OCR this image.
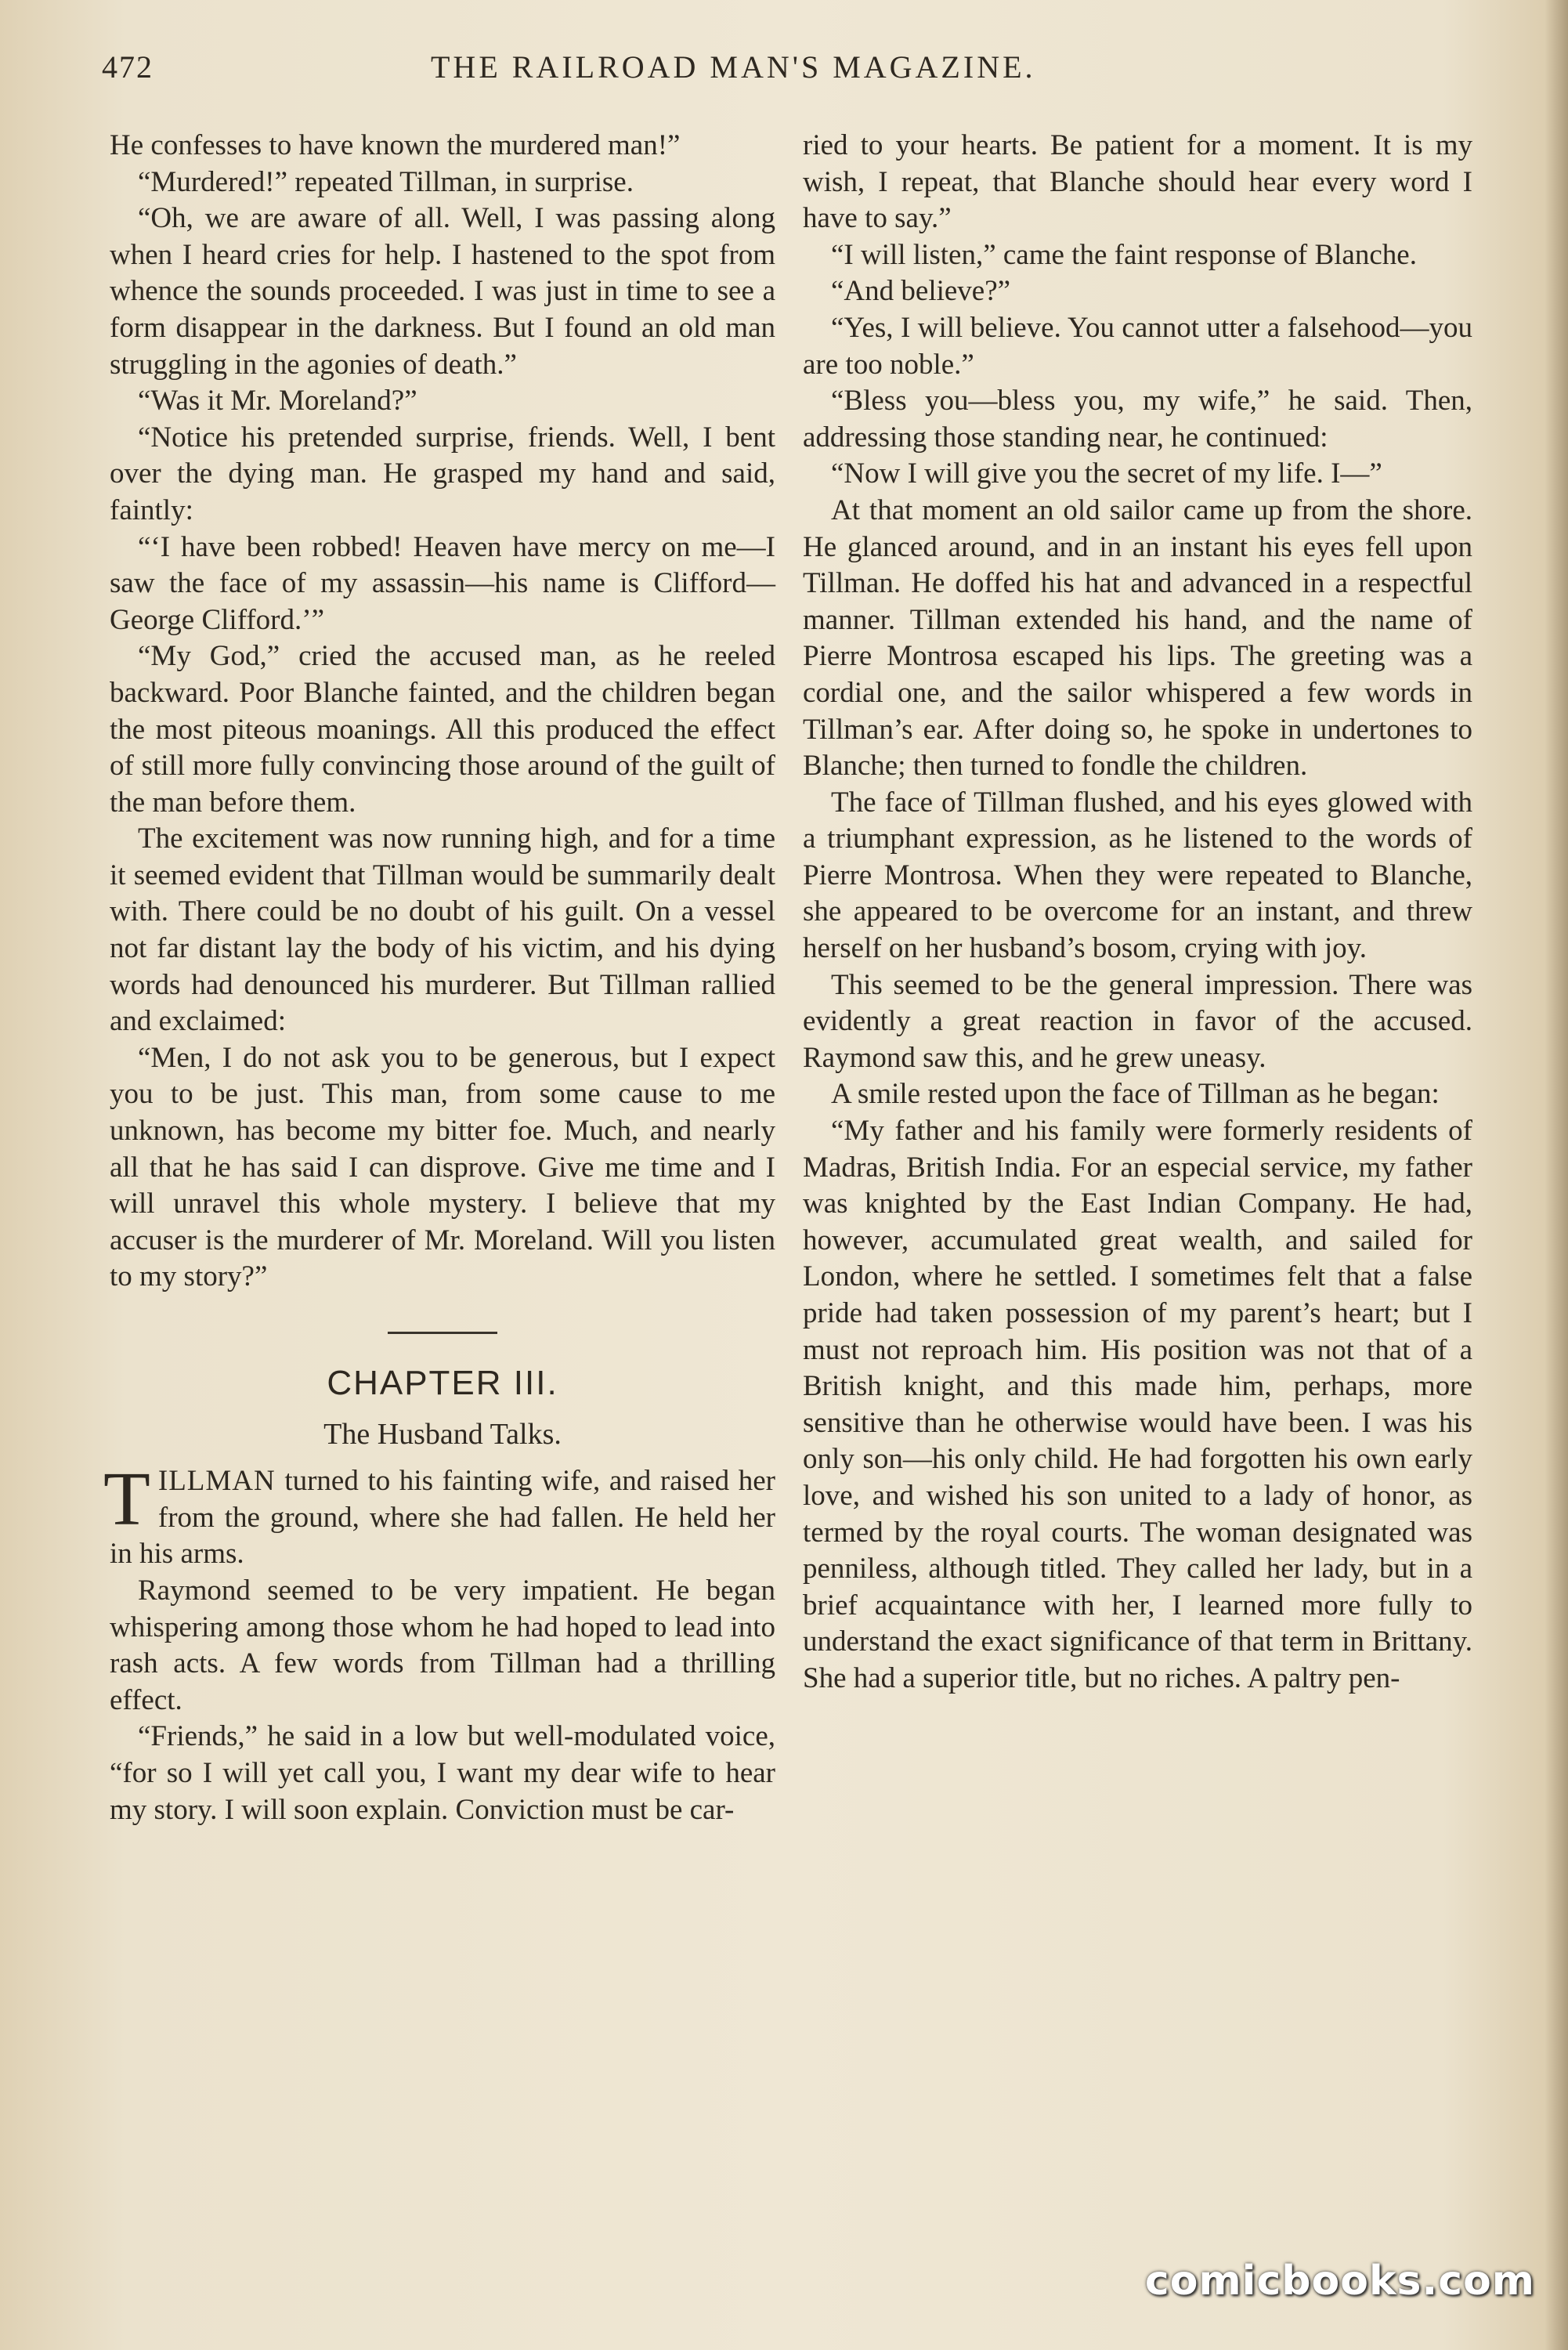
472	THE RAILROAD MAN'S MAGAZINE.

He confesses to have known the murdered man!”

“Murdered!” repeated Tillman, in surprise.

“Oh, we are aware of all. Well, I was passing along when I heard cries for help. I hastened to the spot from whence the sounds proceeded. I was just in time to see a form disappear in the darkness. But I found an old man struggling in the agonies of death.”

“Was it Mr. Moreland?”

“Notice his pretended surprise, friends. Well, I bent over the dying man. He grasped my hand and said, faintly:

“‘I have been robbed! Heaven have mercy on me—I saw the face of my assassin—his name is Clifford—George Clifford.’”

“My God,” cried the accused man, as he reeled backward. Poor Blanche fainted, and the children began the most piteous moanings. All this produced the effect of still more fully convincing those around of the guilt of the man before them.

The excitement was now running high, and for a time it seemed evident that Tillman would be summarily dealt with. There could be no doubt of his guilt. On a vessel not far distant lay the body of his victim, and his dying words had denounced his murderer. But Tillman rallied and exclaimed:

“Men, I do not ask you to be generous, but I expect you to be just. This man, from some cause to me unknown, has become my bitter foe. Much, and nearly all that he has said I can disprove. Give me time and I will unravel this whole mystery. I believe that my accuser is the murderer of Mr. Moreland. Will you listen to my story?”

CHAPTER III.
The Husband Talks.

TILLMAN turned to his fainting wife, and raised her from the ground, where she had fallen. He held her in his arms.

Raymond seemed to be very impatient. He began whispering among those whom he had hoped to lead into rash acts. A few words from Tillman had a thrilling effect.

“Friends,” he said in a low but well-modulated voice, “for so I will yet call you, I want my dear wife to hear my story. I will soon explain. Conviction must be car-

ried to your hearts. Be patient for a moment. It is my wish, I repeat, that Blanche should hear every word I have to say.”

“I will listen,” came the faint response of Blanche.

“And believe?”

“Yes, I will believe. You cannot utter a falsehood—you are too noble.”

“Bless you—bless you, my wife,” he said. Then, addressing those standing near, he continued:

“Now I will give you the secret of my life. I—”

At that moment an old sailor came up from the shore. He glanced around, and in an instant his eyes fell upon Tillman. He doffed his hat and advanced in a respectful manner. Tillman extended his hand, and the name of Pierre Montrosa escaped his lips. The greeting was a cordial one, and the sailor whispered a few words in Tillman’s ear. After doing so, he spoke in undertones to Blanche; then turned to fondle the children.

The face of Tillman flushed, and his eyes glowed with a triumphant expression, as he listened to the words of Pierre Montrosa. When they were repeated to Blanche, she appeared to be overcome for an instant, and threw herself on her husband’s bosom, crying with joy.

This seemed to be the general impression. There was evidently a great reaction in favor of the accused. Raymond saw this, and he grew uneasy.

A smile rested upon the face of Tillman as he began:

“My father and his family were formerly residents of Madras, British India. For an especial service, my father was knighted by the East Indian Company. He had, however, accumulated great wealth, and sailed for London, where he settled. I sometimes felt that a false pride had taken possession of my parent’s heart; but I must not reproach him. His position was not that of a British knight, and this made him, perhaps, more sensitive than he otherwise would have been. I was his only son—his only child. He had forgotten his own early love, and wished his son united to a lady of honor, as termed by the royal courts. The woman designated was penniless, although titled. They called her lady, but in a brief acquaintance with her, I learned more fully to understand the exact significance of that term in Brittany. She had a superior title, but no riches. A paltry pen-

comicbooks.com
